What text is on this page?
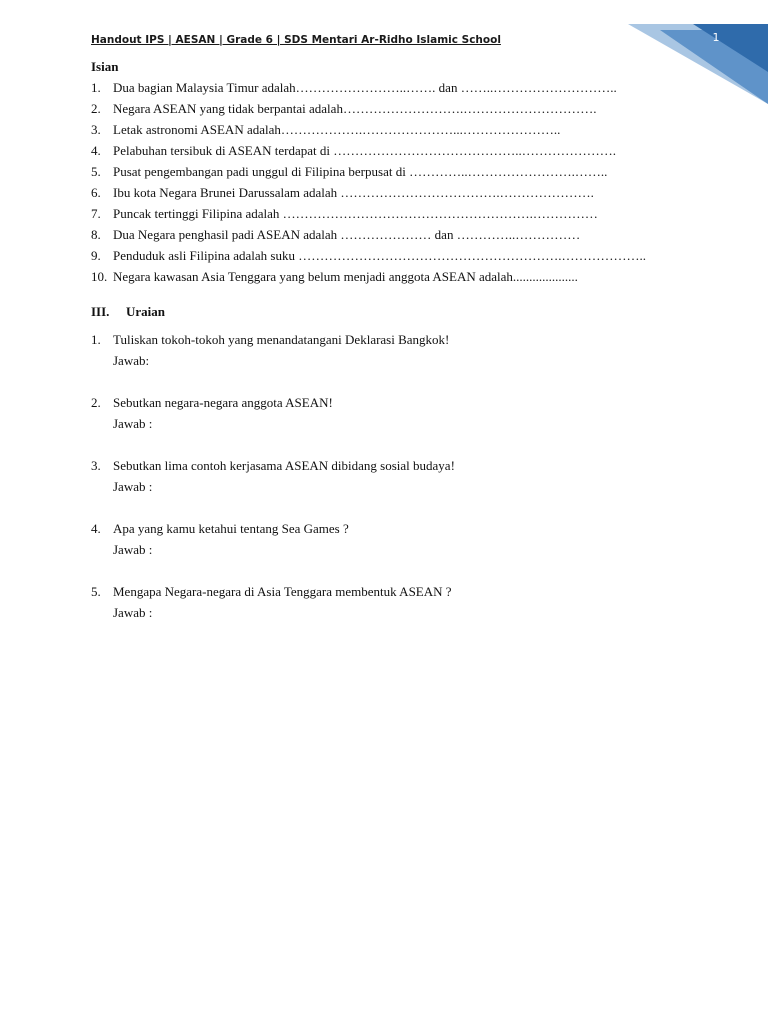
1
Handout IPS | AESAN | Grade 6 | SDS Mentari Ar-Ridho Islamic School
Isian
1. Dua bagian Malaysia Timur adalah……………………..……. dan ……..………………………..
2. Negara ASEAN yang tidak berpantai adalah……………………….………………………….
3. Letak astronomi ASEAN adalah……………….…………………...…………………..
4. Pelabuhan tersibuk di ASEAN terdapat di ……………………………………..………………….
5. Pusat pengembangan padi unggul di Filipina berpusat di …………..…………………….……..
6. Ibu kota Negara Brunei Darussalam adalah ……………………………….………………….
7. Puncak tertinggi Filipina adalah ………………………………………………….……………
8. Dua Negara penghasil padi ASEAN adalah ………………… dan …………..……………
9. Penduduk asli Filipina adalah suku …………………………………………………….………………..
10. Negara kawasan Asia Tenggara yang belum menjadi anggota ASEAN adalah....................
III. Uraian
1. Tuliskan tokoh-tokoh yang menandatangani Deklarasi Bangkok!
Jawab:
2. Sebutkan negara-negara anggota ASEAN!
Jawab :
3. Sebutkan lima contoh kerjasama ASEAN dibidang sosial budaya!
Jawab :
4. Apa yang kamu ketahui tentang Sea Games ?
Jawab :
5. Mengapa Negara-negara di Asia Tenggara membentuk ASEAN ?
Jawab :
